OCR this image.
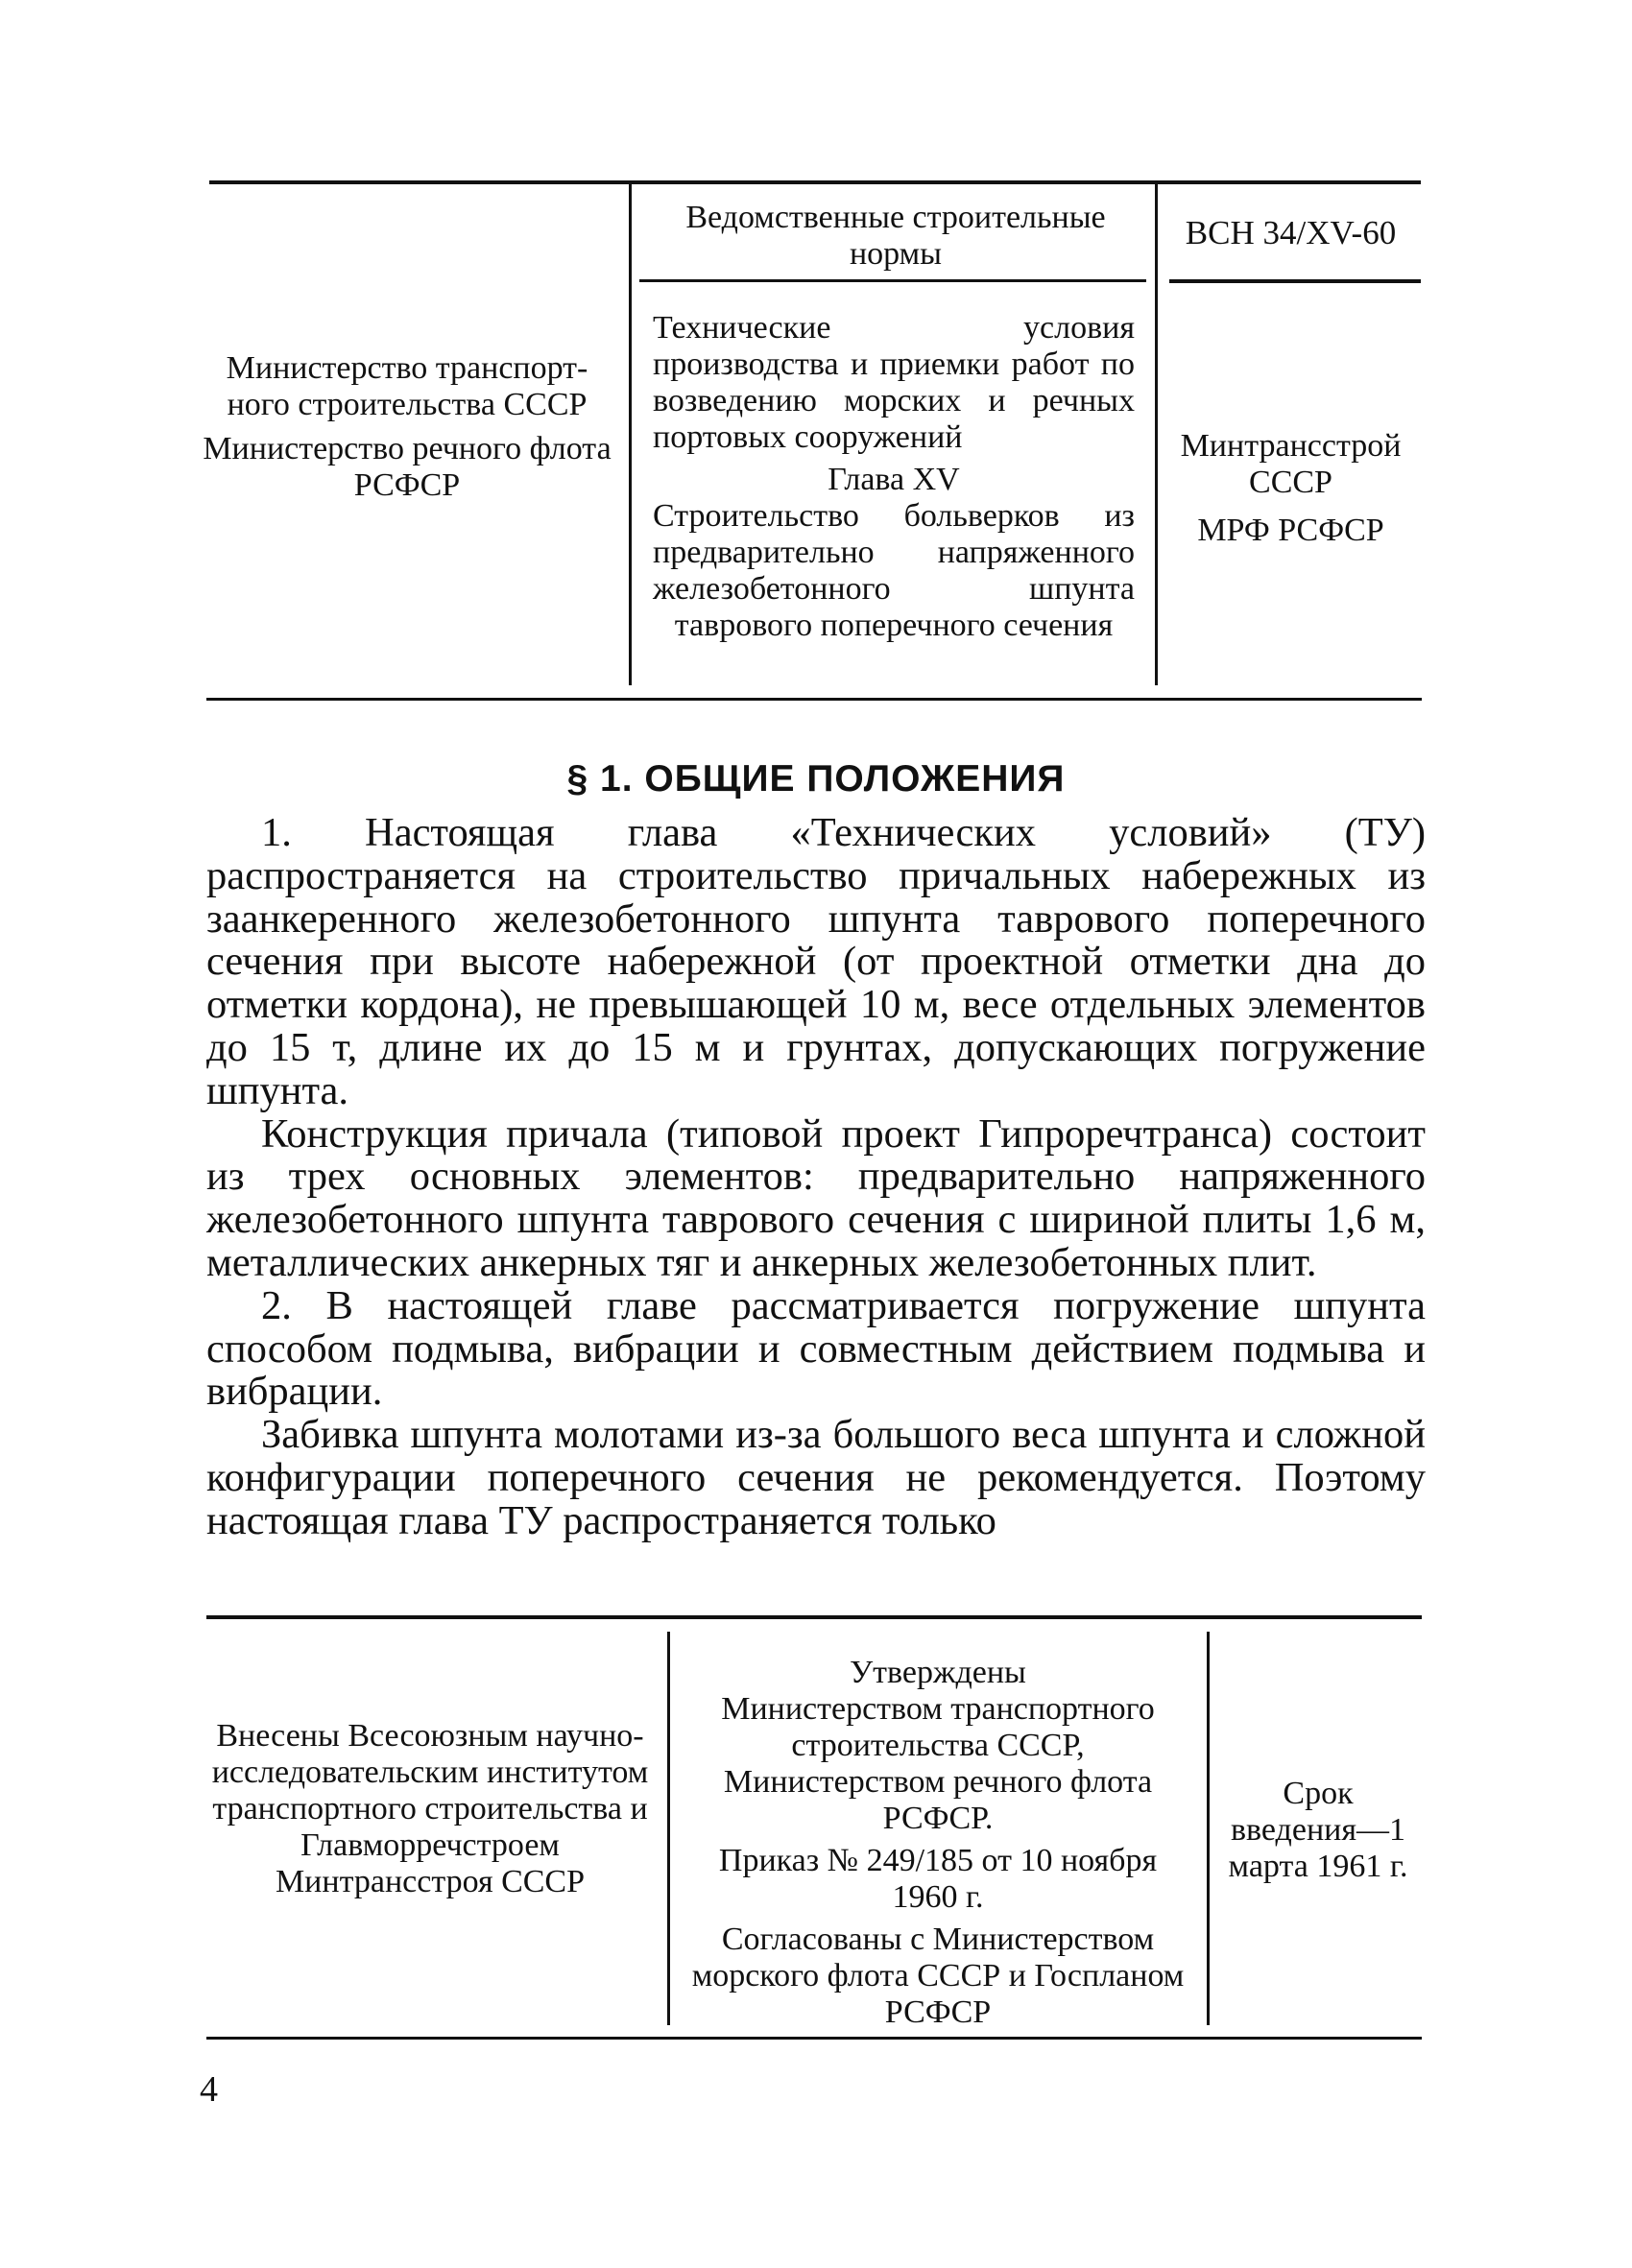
Министерство транспорт-ного строительства СССР

Министерство речного флота РСФСР

Ведомственные строительные нормы
ВСН 34/XV-60

Технические условия производства и приемки работ по возведению морских и речных портовых сооружений

Глава XV

Строительство больверков из предварительно напряженного железобетонного шпунта таврового поперечного сечения

Минтрансстрой СССР

МРФ РСФСР

§ 1. ОБЩИЕ ПОЛОЖЕНИЯ

1. Настоящая глава «Технических условий» (ТУ) распространяется на строительство причальных набережных из заанкеренного железобетонного шпунта таврового поперечного сечения при высоте набережной (от проектной отметки дна до отметки кордона), не превышающей 10 м, весе отдельных элементов до 15 т, длине их до 15 м и грунтах, допускающих погружение шпунта.

Конструкция причала (типовой проект Гипроречтранса) состоит из трех основных элементов: предварительно напряженного железобетонного шпунта таврового сечения с шириной плиты 1,6 м, металлических анкерных тяг и анкерных железобетонных плит.

2. В настоящей главе рассматривается погружение шпунта способом подмыва, вибрации и совместным действием подмыва и вибрации.

Забивка шпунта молотами из-за большого веса шпунта и сложной конфигурации поперечного сечения не рекомендуется. Поэтому настоящая глава ТУ распространяется только

Внесены Всесоюзным научно-исследовательским институтом транспортного строительства и Главморречстроем Минтрансстроя СССР

Утверждены

Министерством транспортного строительства СССР, Министерством речного флота РСФСР.

Приказ № 249/185 от 10 ноября 1960 г.

Согласованы с Министерством морского флота СССР и Госпланом РСФСР

Срок введения—1 марта 1961 г.
4
